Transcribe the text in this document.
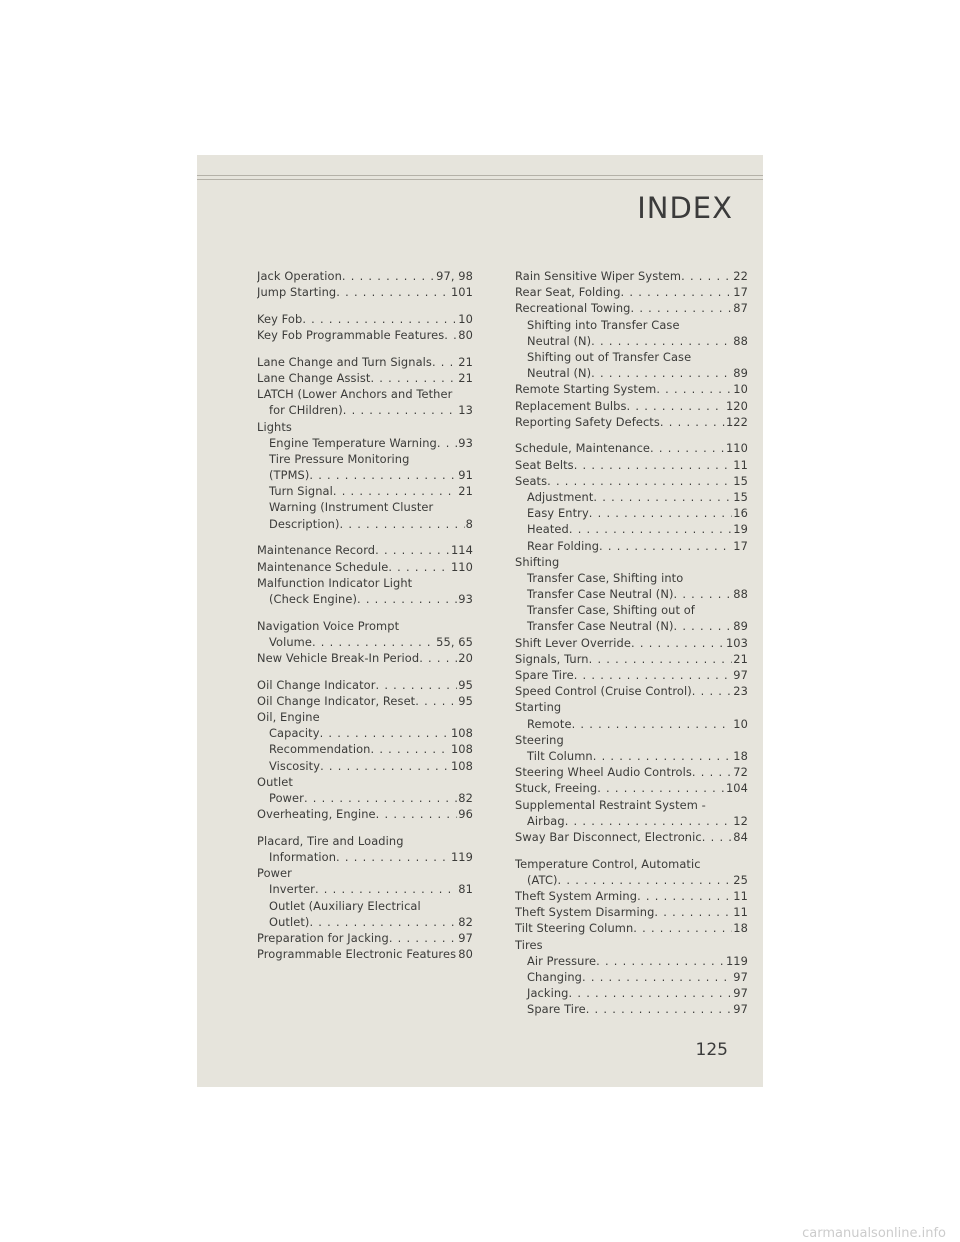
INDEX
Jack Operation . . .	97, 98
Jump Starting . . .	101
Key Fob . . .	10
Key Fob Programmable Features . . . 80
Lane Change and Turn Signals . . . 21
Lane Change Assist . . .	21
LATCH (Lower Anchors and Tether
for CHildren) . . .	13
Lights
Engine Temperature Warning . . . 93
Tire Pressure Monitoring
(TPMS) . . .	91
Turn Signal . . .	21
Warning (Instrument Cluster
Description) . . .	8
Maintenance Record . . .	114
Maintenance Schedule . . .	110
Malfunction Indicator Light
(Check Engine) . . .	93
Navigation Voice Prompt
Volume . . .	55, 65
New Vehicle Break-In Period . . .	20
Oil Change Indicator . . .	95
Oil Change Indicator, Reset . . .	95
Oil, Engine
Capacity . . .	108
Recommendation . . .	108
Viscosity . . .	108
Outlet
Power . . .	82
Overheating, Engine . . .	96
Placard, Tire and Loading
Information . . .	119
Power
Inverter . . .	81
Outlet (Auxiliary Electrical
Outlet) . . .	82
Preparation for Jacking . . .	97
Programmable Electronic Features . . . 80
Rain Sensitive Wiper System . . .	22
Rear Seat, Folding . . .	17
Recreational Towing . . .	87
Shifting into Transfer Case
Neutral (N) . . .	88
Shifting out of Transfer Case
Neutral (N) . . .	89
Remote Starting System . . .	10
Replacement Bulbs . . .	120
Reporting Safety Defects . . .	122
Schedule, Maintenance . . .	110
Seat Belts . . .	11
Seats . . .	15
Adjustment . . .	15
Easy Entry . . .	16
Heated . . .	19
Rear Folding . . .	17
Shifting
Transfer Case, Shifting into
Transfer Case Neutral (N) . . .	88
Transfer Case, Shifting out of
Transfer Case Neutral (N) . . .	89
Shift Lever Override . . .	103
Signals, Turn . . .	21
Spare Tire . . .	97
Speed Control (Cruise Control) . . .	23
Starting
Remote . . .	10
Steering
Tilt Column . . .	18
Steering Wheel Audio Controls . . .	72
Stuck, Freeing . . .	104
Supplemental Restraint System -
Airbag . . .	12
Sway Bar Disconnect, Electronic . . .	84
Temperature Control, Automatic
(ATC) . . .	25
Theft System Arming . . .	11
Theft System Disarming . . .	11
Tilt Steering Column . . .	18
Tires
Air Pressure . . .	119
Changing . . .	97
Jacking . . .	97
Spare Tire . . .	97
125
carmanualsonline.info
